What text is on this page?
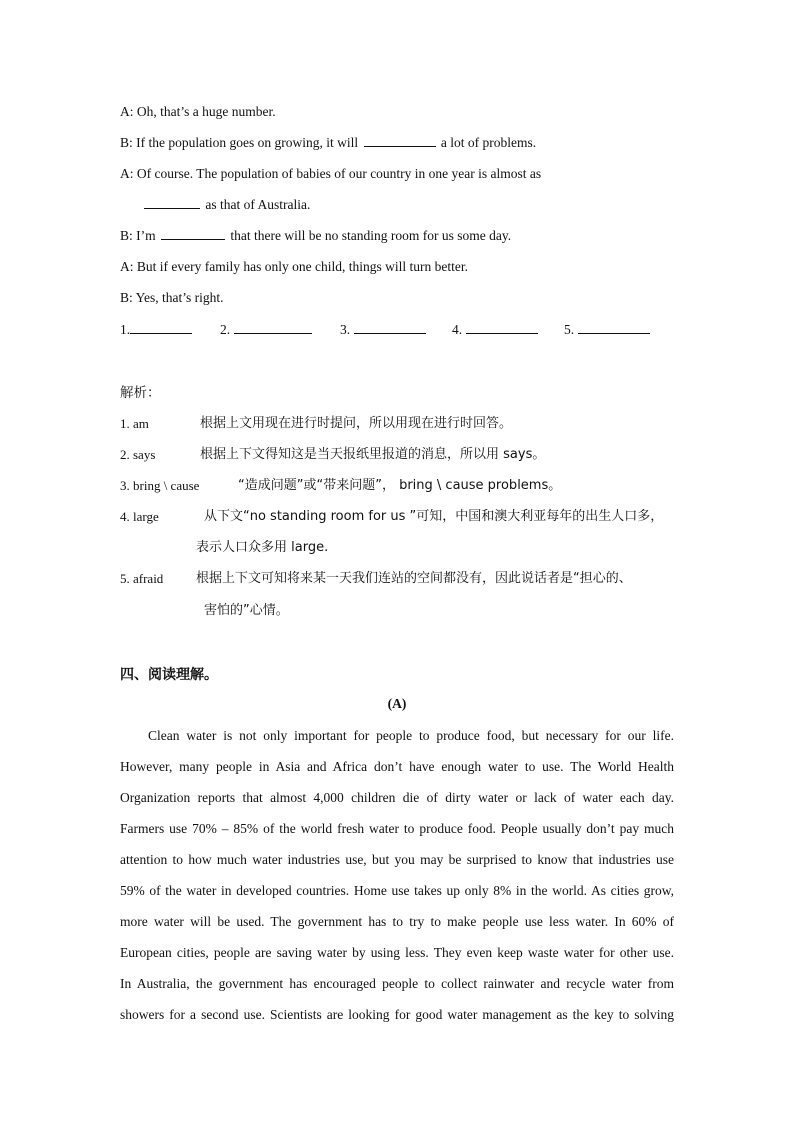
A: Oh, that’s a huge number.
B: If the population goes on growing, it will	a lot of problems.
A: Of course. The population of babies of our country in one year is almost as
as that of Australia.
B: I’m	that there will be no standing room for us some day.
A: But if every family has only one child, things will turn better.
B: Yes, that’s right.
1.	2.	3.	4.	5.
解析：
1. am	根据上文用现在进行时提问，所以用现在进行时回答。
2. says	根据上下文得知这是当天报纸里报道的消息，所以用 says。
3. bring \ cause	“造成问题”或“带来问题”， bring \ cause problems。
4. large	从下文“no standing room for us ”可知，中国和澳大利亚每年的出生人口多，
表示人口众多用 large.
5. afraid	根据上下文可知将来某一天我们连站的空间都没有，因此说话者是“担心的、
害怕的”心情。
四、阅读理解。
(A)
Clean water is not only important for people to produce food, but necessary for our life.
However, many people in Asia and Africa don’t have enough water to use. The World Health
Organization reports that almost 4,000 children die of dirty water or lack of water each day.
Farmers use 70% – 85% of the world fresh water to produce food. People usually don’t pay much
attention to how much water industries use, but you may be surprised to know that industries use
59% of the water in developed countries. Home use takes up only 8% in the world. As cities grow,
more water will be used. The government has to try to make people use less water. In 60% of
European cities, people are saving water by using less. They even keep waste water for other use.
In Australia, the government has encouraged people to collect rainwater and recycle water from
showers for a second use. Scientists are looking for good water management as the key to solving
